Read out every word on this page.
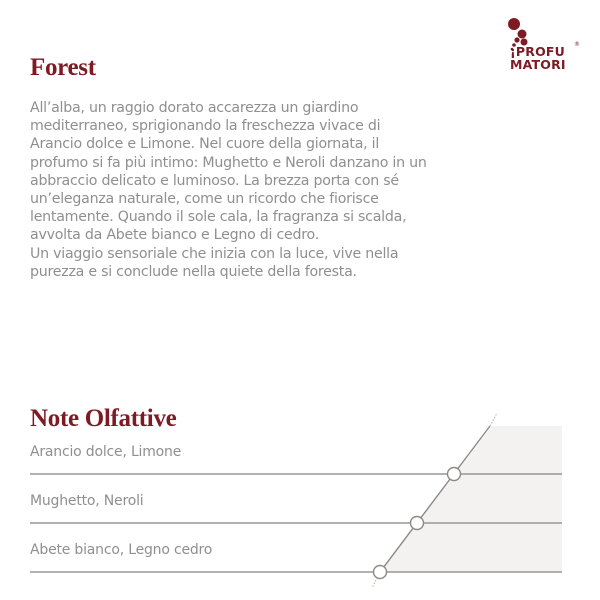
Forest
¡PROFU
MATORI
®
All’alba, un raggio dorato accarezza un giardino
mediterraneo, sprigionando la freschezza vivace di
Arancio dolce e Limone. Nel cuore della giornata, il
profumo si fa più intimo: Mughetto e Neroli danzano in un
abbraccio delicato e luminoso. La brezza porta con sé
un’eleganza naturale, come un ricordo che fiorisce
lentamente. Quando il sole cala, la fragranza si scalda,
avvolta da Abete bianco e Legno di cedro.
Un viaggio sensoriale che inizia con la luce, vive nella
purezza e si conclude nella quiete della foresta.
Note Olfattive
Arancio dolce, Limone
Mughetto, Neroli
Abete bianco, Legno cedro
